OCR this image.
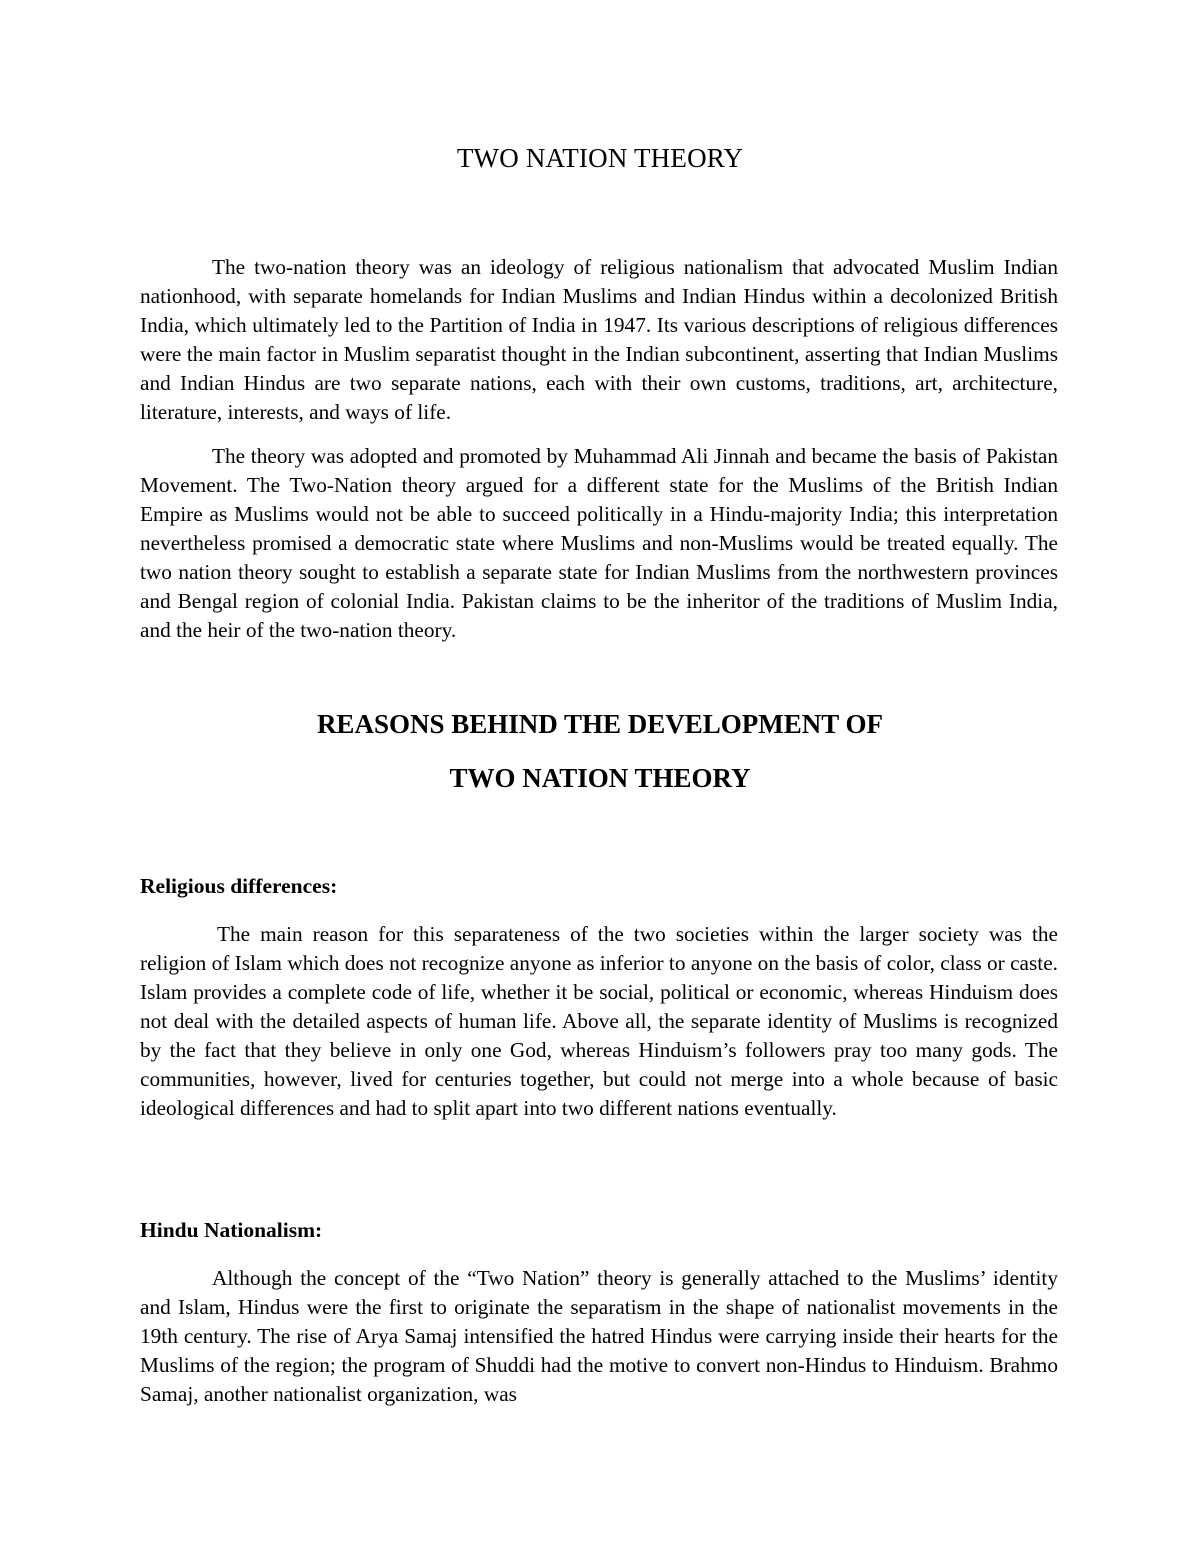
TWO NATION THEORY

The two-nation theory was an ideology of religious nationalism that advocated Muslim Indian nationhood, with separate homelands for Indian Muslims and Indian Hindus within a decolonized British India, which ultimately led to the Partition of India in 1947. Its various descriptions of religious differences were the main factor in Muslim separatist thought in the Indian subcontinent, asserting that Indian Muslims and Indian Hindus are two separate nations, each with their own customs, traditions, art, architecture, literature, interests, and ways of life.

The theory was adopted and promoted by Muhammad Ali Jinnah and became the basis of Pakistan Movement. The Two-Nation theory argued for a different state for the Muslims of the British Indian Empire as Muslims would not be able to succeed politically in a Hindu-majority India; this interpretation nevertheless promised a democratic state where Muslims and non-Muslims would be treated equally. The two nation theory sought to establish a separate state for Indian Muslims from the northwestern provinces and Bengal region of colonial India. Pakistan claims to be the inheritor of the traditions of Muslim India, and the heir of the two-nation theory.

REASONS BEHIND THE DEVELOPMENT OF
TWO NATION THEORY
Religious differences:

The main reason for this separateness of the two societies within the larger society was the religion of Islam which does not recognize anyone as inferior to anyone on the basis of color, class or caste. Islam provides a complete code of life, whether it be social, political or economic, whereas Hinduism does not deal with the detailed aspects of human life. Above all, the separate identity of Muslims is recognized by the fact that they believe in only one God, whereas Hinduism’s followers pray too many gods. The communities, however, lived for centuries together, but could not merge into a whole because of basic ideological differences and had to split apart into two different nations eventually.

Hindu Nationalism:

Although the concept of the “Two Nation” theory is generally attached to the Muslims’ identity and Islam, Hindus were the first to originate the separatism in the shape of nationalist movements in the 19th century. The rise of Arya Samaj intensified the hatred Hindus were carrying inside their hearts for the Muslims of the region; the program of Shuddi had the motive to convert non-Hindus to Hinduism. Brahmo Samaj, another nationalist organization, was
